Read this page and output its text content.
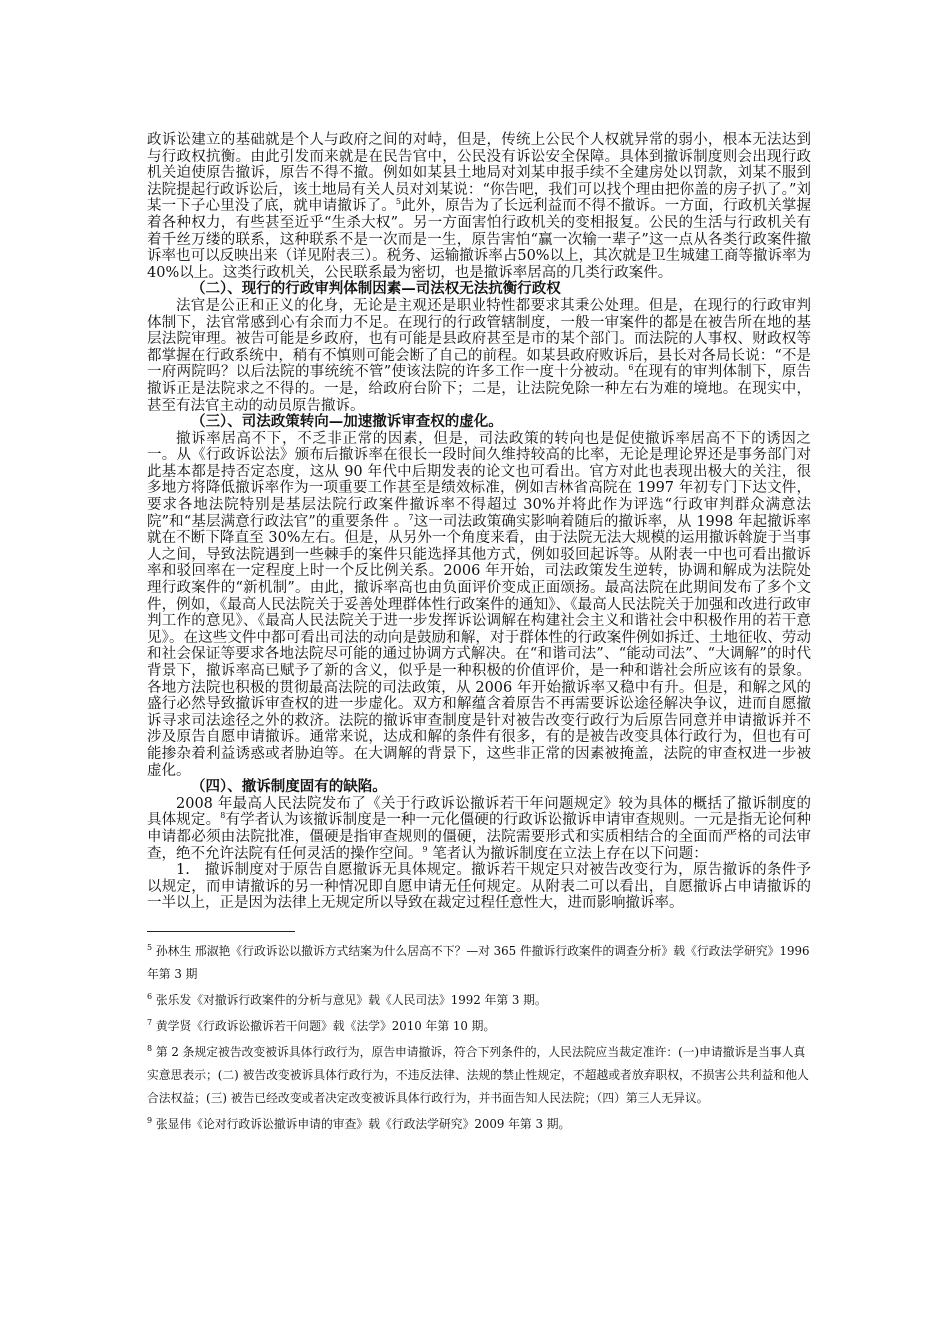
政诉讼建立的基础就是个人与政府之间的对峙，但是，传统上公民个人权就异常的弱小，根本无法达到与行政权抗衡。由此引发而来就是在民告官中，公民没有诉讼安全保障。具体到撤诉制度则会出现行政机关迫使原告撤诉，原告不得不撤。例如如某县土地局对刘某申报手续不全建房处以罚款，刘某不服到法院提起行政诉讼后，该土地局有关人员对刘某说：“你告吧，我们可以找个理由把你盖的房子扒了。”刘某一下子心里没了底，就申请撤诉了。$^5$此外，原告为了长远利益而不得不撤诉。一方面，行政机关掌握着各种权力，有些甚至近乎“生杀大权”。另一方面害怕行政机关的变相报复。公民的生活与行政机关有着千丝万缕的联系，这种联系不是一次而是一生，原告害怕“赢一次输一辈子”这一点从各类行政案件撤诉率也可以反映出来（详见附表三）。税务、运输撤诉率占50%以上，其次就是卫生城建工商等撤诉率为40%以上。这类行政机关，公民联系最为密切，也是撤诉率居高的几类行政案件。

（二）、现行的行政审判体制因素—司法权无法抗衡行政权

法官是公正和正义的化身，无论是主观还是职业特性都要求其秉公处理。但是，在现行的行政审判体制下，法官常感到心有余而力不足。在现行的行政管辖制度，一般一审案件的都是在被告所在地的基层法院审理。被告可能是乡政府，也有可能是县政府甚至是市的某个部门。而法院的人事权、财政权等都掌握在行政系统中，稍有不慎则可能会断了自己的前程。如某县政府败诉后，县长对各局长说：“不是一府两院吗？以后法院的事统统不管”使该法院的许多工作一度十分被动。$^6$在现有的审判体制下，原告撤诉正是法院求之不得的。一是，给政府台阶下；二是，让法院免除一种左右为难的境地。在现实中，甚至有法官主动的动员原告撤诉。

（三）、司法政策转向—加速撤诉审查权的虚化。

撤诉率居高不下，不乏非正常的因素，但是，司法政策的转向也是促使撤诉率居高不下的诱因之一。从《行政诉讼法》颁布后撤诉率在很长一段时间久维持较高的比率，无论是理论界还是事务部门对此基本都是持否定态度，这从 90 年代中后期发表的论文也可看出。官方对此也表现出极大的关注，很多地方将降低撤诉率作为一项重要工作甚至是绩效标准，例如吉林省高院在 1997 年初专门下达文件，要求各地法院特别是基层法院行政案件撤诉率不得超过 30%并将此作为评选“行政审判群众满意法院”和“基层满意行政法官”的重要条件 。$^7$这一司法政策确实影响着随后的撤诉率，从 1998 年起撤诉率就在不断下降直至 30%左右。但是，从另外一个角度来看，由于法院无法大规模的运用撤诉斡旋于当事人之间，导致法院遇到一些棘手的案件只能选择其他方式，例如驳回起诉等。从附表一中也可看出撤诉率和驳回率在一定程度上时一个反比例关系。2006 年开始，司法政策发生逆转，协调和解成为法院处理行政案件的“新机制”。由此，撤诉率高也由负面评价变成正面颂扬。最高法院在此期间发布了多个文件，例如，《最高人民法院关于妥善处理群体性行政案件的通知》、《最高人民法院关于加强和改进行政审判工作的意见》、《最高人民法院关于进一步发挥诉讼调解在构建社会主义和谐社会中积极作用的若干意见》。在这些文件中都可看出司法的动向是鼓励和解，对于群体性的行政案件例如拆迁、土地征收、劳动和社会保证等要求各地法院尽可能的通过协调方式解决。在“和谐司法”、“能动司法”、“大调解”的时代背景下，撤诉率高已赋予了新的含义，似乎是一种积极的价值评价，是一种和谐社会所应该有的景象。各地方法院也积极的贯彻最高法院的司法政策，从 2006 年开始撤诉率又稳中有升。但是，和解之风的盛行必然导致撤诉审查权的进一步虚化。双方和解蕴含着原告不再需要诉讼途径解决争议，进而自愿撤诉寻求司法途径之外的救济。法院的撤诉审查制度是针对被告改变行政行为后原告同意并申请撤诉并不涉及原告自愿申请撤诉。通常来说，达成和解的条件有很多，有的是被告改变具体行政行为，但也有可能掺杂着利益诱惑或者胁迫等。在大调解的背景下，这些非正常的因素被掩盖，法院的审查权进一步被虚化。

（四）、撤诉制度固有的缺陷。

2008 年最高人民法院发布了《关于行政诉讼撤诉若干年问题规定》较为具体的概括了撤诉制度的具体规定。$^8$有学者认为该撤诉制度是一种一元化僵硬的行政诉讼撤诉申请审查规则。一元是指无论何种申请都必须由法院批准，僵硬是指审查规则的僵硬，法院需要形式和实质相结合的全面而严格的司法审查，绝不允许法院有任何灵活的操作空间。$^9$ 笔者认为撤诉制度在立法上存在以下问题：

1.　撤诉制度对于原告自愿撤诉无具体规定。撤诉若干规定只对被告改变行为，原告撤诉的条件予以规定，而申请撤诉的另一种情况即自愿申请无任何规定。从附表二可以看出，自愿撤诉占申请撤诉的一半以上，正是因为法律上无规定所以导致在裁定过程任意性大，进而影响撤诉率。

$^5$ 孙林生 邢淑艳《行政诉讼以撤诉方式结案为什么居高不下？—对 365 件撤诉行政案件的调查分析》载《行政法学研究》1996 年第 3 期

$^6$ 张乐发《对撤诉行政案件的分析与意见》载《人民司法》1992 年第 3 期。

$^7$ 黄学贤《行政诉讼撤诉若干问题》载《法学》2010 年第 10 期。

$^8$ 第 2 条规定被告改变被诉具体行政行为，原告申请撤诉，符合下列条件的，人民法院应当裁定准许：(一)申请撤诉是当事人真实意思表示；(二) 被告改变被诉具体行政行为，不违反法律、法规的禁止性规定，不超越或者放弃职权，不损害公共利益和他人合法权益；(三) 被告已经改变或者决定改变被诉具体行政行为，并书面告知人民法院；（四）第三人无异议。

$^9$ 张显伟《论对行政诉讼撤诉申请的审查》载《行政法学研究》2009 年第 3 期。
